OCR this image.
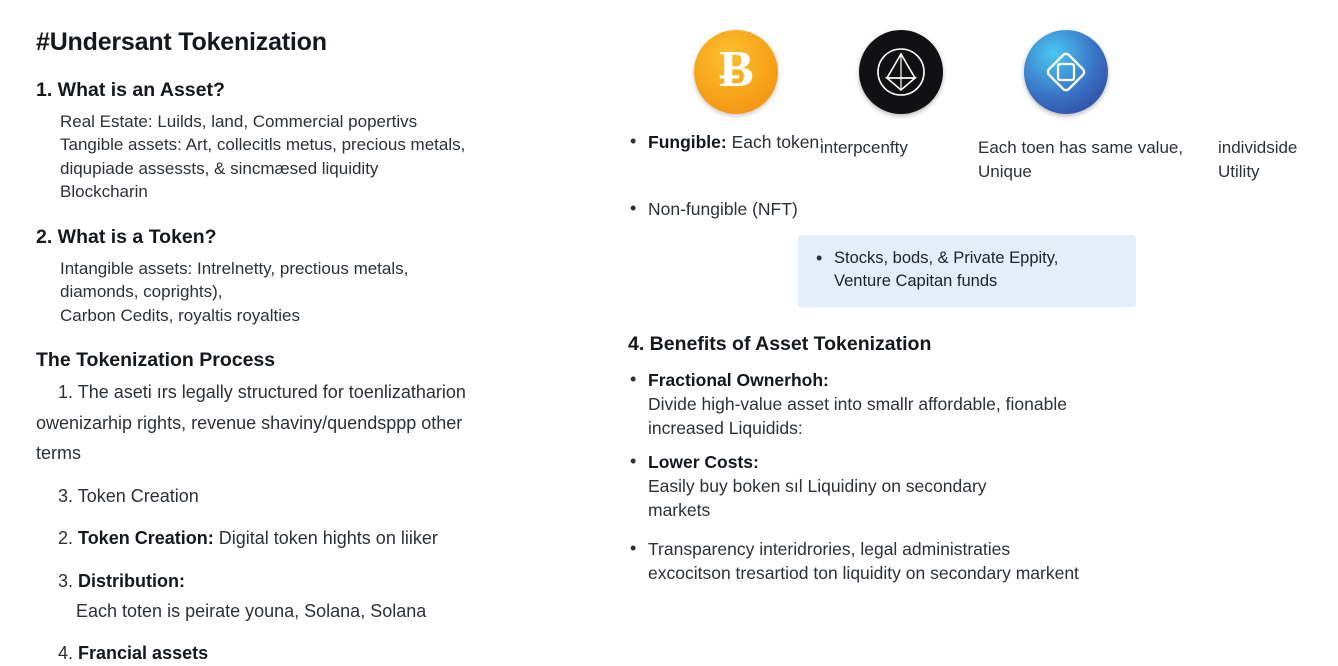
#Undersant Tokenization
1. What is an Asset?
Real Estate: Luilds, land, Commercial popertivs
Tangible assets: Art, collecitls metus, precious metals,
diqupiade assessts, & sincmæsed liquidity
Blockcharin
2. What is a Token?
Intangible assets: Intrelnetty, prectious metals,
diamonds, coprights),
Carbon Cedits, royaltis royalties
The Tokenization Process
1. The aseti ırs legally structured for toenlizatharion
owenizarhip rights, revenue shaviny/quendsppp other
terms
3. Token Creation
2. Token Creation: Digital token hights on liiker
3. Distribution:
Each toten is peirate youna, Solana, Solana
4. Francial assets
Ƀ
• Fungible: Each token:
interpcenfty	Each toen has same value,
Unique
individside
Utility
• Non-fungible (NFT)
• Stocks, bods, & Private Eppity,
Venture Capitan funds
4. Benefits of Asset Tokenization
• Fractional Ownerhoh:
Divide high-value asset into smallr affordable, fionable
increased Liquidids:
• Lower Costs:
Easily buy boken sıl Liquidiny on secondary
markets
• Transparency interidrories, legal administraties
excocitson tresartiod ton liquidity on secondary markent
